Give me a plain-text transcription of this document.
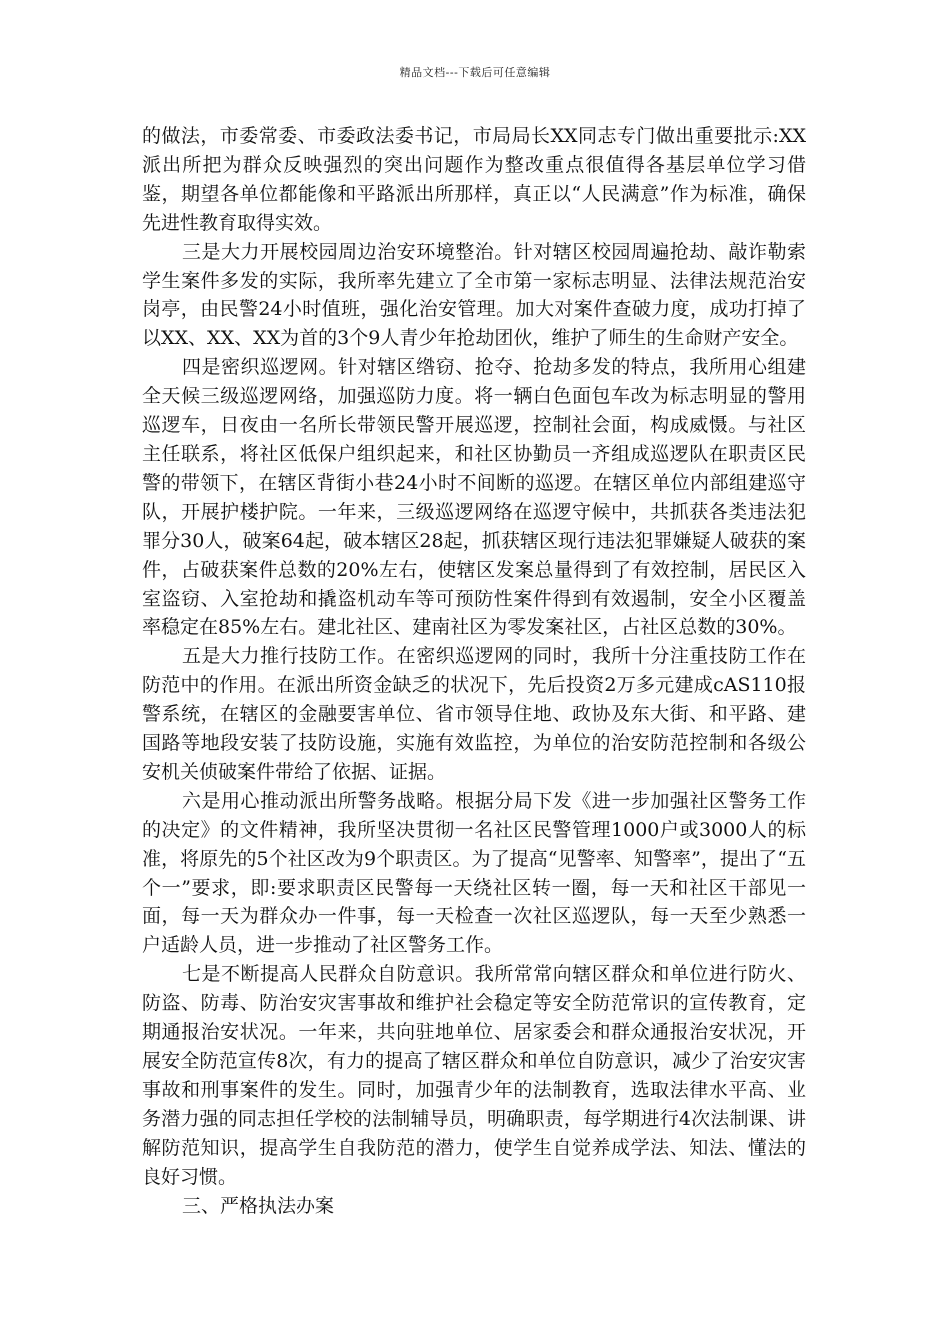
精品文档---下载后可任意编辑

的做法，市委常委、市委政法委书记，市局局长XX同志专门做出重要批示:XX派出所把为群众反映强烈的突出问题作为整改重点很值得各基层单位学习借鉴，期望各单位都能像和平路派出所那样，真正以“人民满意”作为标准，确保先进性教育取得实效。

三是大力开展校园周边治安环境整治。针对辖区校园周遍抢劫、敲诈勒索学生案件多发的实际，我所率先建立了全市第一家标志明显、法律法规范治安岗亭，由民警24小时值班，强化治安管理。加大对案件查破力度，成功打掉了以XX、XX、XX为首的3个9人青少年抢劫团伙，维护了师生的生命财产安全。

四是密织巡逻网。针对辖区绺窃、抢夺、抢劫多发的特点，我所用心组建全天候三级巡逻网络，加强巡防力度。将一辆白色面包车改为标志明显的警用巡逻车，日夜由一名所长带领民警开展巡逻，控制社会面，构成威慑。与社区主任联系，将社区低保户组织起来，和社区协勤员一齐组成巡逻队在职责区民警的带领下，在辖区背街小巷24小时不间断的巡逻。在辖区单位内部组建巡守队，开展护楼护院。一年来，三级巡逻网络在巡逻守候中，共抓获各类违法犯罪分30人，破案64起，破本辖区28起，抓获辖区现行违法犯罪嫌疑人破获的案件，占破获案件总数的20%左右，使辖区发案总量得到了有效控制，居民区入室盗窃、入室抢劫和撬盗机动车等可预防性案件得到有效遏制，安全小区覆盖率稳定在85%左右。建北社区、建南社区为零发案社区，占社区总数的30%。

五是大力推行技防工作。在密织巡逻网的同时，我所十分注重技防工作在防范中的作用。在派出所资金缺乏的状况下，先后投资2万多元建成cAS110报警系统，在辖区的金融要害单位、省市领导住地、政协及东大街、和平路、建国路等地段安装了技防设施，实施有效监控，为单位的治安防范控制和各级公安机关侦破案件带给了依据、证据。

六是用心推动派出所警务战略。根据分局下发《进一步加强社区警务工作的决定》的文件精神，我所坚决贯彻一名社区民警管理1000户或3000人的标准，将原先的5个社区改为9个职责区。为了提高“见警率、知警率”，提出了“五个一”要求，即:要求职责区民警每一天绕社区转一圈，每一天和社区干部见一面，每一天为群众办一件事，每一天检查一次社区巡逻队，每一天至少熟悉一户适龄人员，进一步推动了社区警务工作。

七是不断提高人民群众自防意识。我所常常向辖区群众和单位进行防火、防盗、防毒、防治安灾害事故和维护社会稳定等安全防范常识的宣传教育，定期通报治安状况。一年来，共向驻地单位、居家委会和群众通报治安状况，开展安全防范宣传8次，有力的提高了辖区群众和单位自防意识，减少了治安灾害事故和刑事案件的发生。同时，加强青少年的法制教育，选取法律水平高、业务潜力强的同志担任学校的法制辅导员，明确职责，每学期进行4次法制课、讲解防范知识，提高学生自我防范的潜力，使学生自觉养成学法、知法、懂法的良好习惯。

三、严格执法办案
